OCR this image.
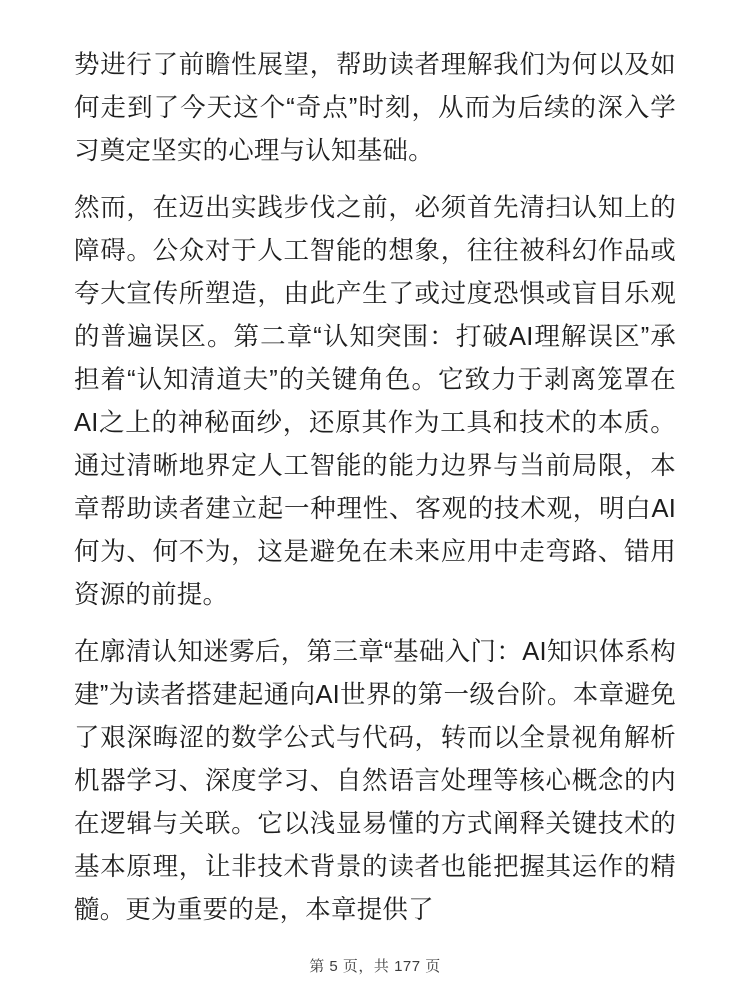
势进行了前瞻性展望，帮助读者理解我们为何以及如何走到了今天这个“奇点”时刻，从而为后续的深入学习奠定坚实的心理与认知基础。

然而，在迈出实践步伐之前，必须首先清扫认知上的障碍。公众对于人工智能的想象，往往被科幻作品或夸大宣传所塑造，由此产生了或过度恐惧或盲目乐观的普遍误区。第二章“认知突围：打破AI理解误区”承担着“认知清道夫”的关键角色。它致力于剥离笼罩在AI之上的神秘面纱，还原其作为工具和技术的本质。通过清晰地界定人工智能的能力边界与当前局限，本章帮助读者建立起一种理性、客观的技术观，明白AI何为、何不为，这是避免在未来应用中走弯路、错用资源的前提。

在廓清认知迷雾后，第三章“基础入门：AI知识体系构建”为读者搭建起通向AI世界的第一级台阶。本章避免了艰深晦涩的数学公式与代码，转而以全景视角解析机器学习、深度学习、自然语言处理等核心概念的内在逻辑与关联。它以浅显易懂的方式阐释关键技术的基本原理，让非技术背景的读者也能把握其运作的精髓。更为重要的是，本章提供了

第 5 页，共 177 页
